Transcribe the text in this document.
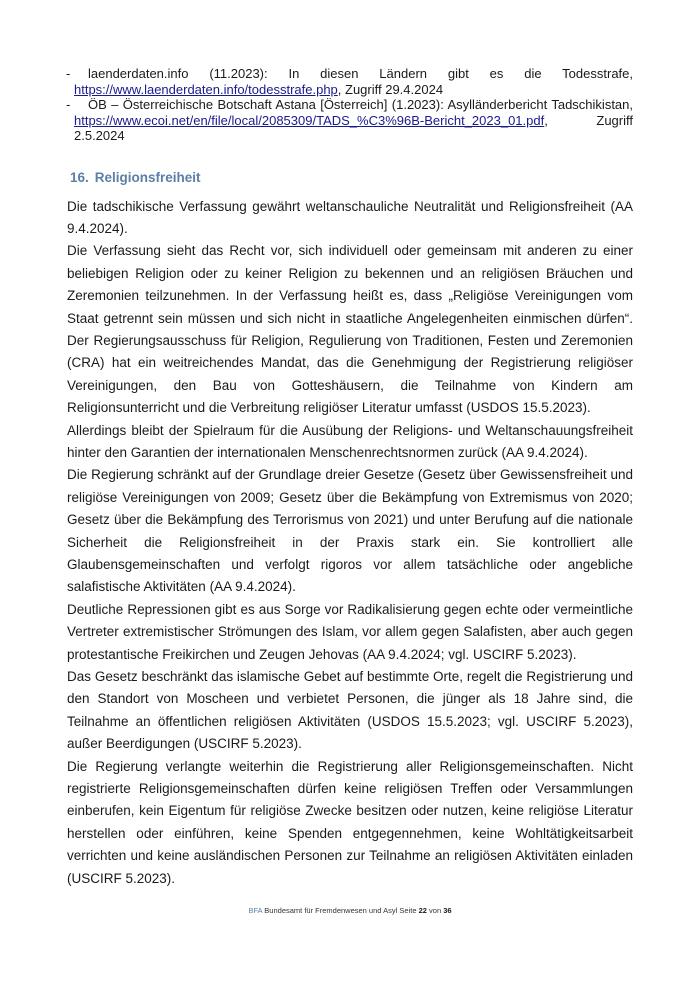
-	laenderdaten.info (11.2023): In diesen Ländern gibt es die Todesstrafe,
https://www.laenderdaten.info/todesstrafe.php, Zugriff 29.4.2024
-	ÖB – Österreichische Botschaft Astana [Österreich] (1.2023): Asylländerbericht Tadschikistan,
https://www.ecoi.net/en/file/local/2085309/TADS_%C3%96B-Bericht_2023_01.pdf, Zugriff
2.5.2024
16. Religionsfreiheit

Die tadschikische Verfassung gewährt weltanschauliche Neutralität und Religionsfreiheit (AA 9.4.2024).

Die Verfassung sieht das Recht vor, sich individuell oder gemeinsam mit anderen zu einer beliebigen Religion oder zu keiner Religion zu bekennen und an religiösen Bräuchen und Zeremonien teilzunehmen. In der Verfassung heißt es, dass „Religiöse Vereinigungen vom Staat getrennt sein müssen und sich nicht in staatliche Angelegenheiten einmischen dürfen“. Der Regierungsausschuss für Religion, Regulierung von Traditionen, Festen und Zeremonien (CRA) hat ein weitreichendes Mandat, das die Genehmigung der Registrierung religiöser Vereinigungen, den Bau von Gotteshäusern, die Teilnahme von Kindern am Religionsunterricht und die Verbreitung religiöser Literatur umfasst (USDOS 15.5.2023).

Allerdings bleibt der Spielraum für die Ausübung der Religions- und Weltanschauungsfreiheit hinter den Garantien der internationalen Menschenrechtsnormen zurück (AA 9.4.2024).

Die Regierung schränkt auf der Grundlage dreier Gesetze (Gesetz über Gewissensfreiheit und religiöse Vereinigungen von 2009; Gesetz über die Bekämpfung von Extremismus von 2020; Gesetz über die Bekämpfung des Terrorismus von 2021) und unter Berufung auf die nationale Sicherheit die Religionsfreiheit in der Praxis stark ein. Sie kontrolliert alle Glaubensgemeinschaften und verfolgt rigoros vor allem tatsächliche oder angebliche salafistische Aktivitäten (AA 9.4.2024).

Deutliche Repressionen gibt es aus Sorge vor Radikalisierung gegen echte oder vermeintliche Vertreter extremistischer Strömungen des Islam, vor allem gegen Salafisten, aber auch gegen protestantische Freikirchen und Zeugen Jehovas (AA 9.4.2024; vgl. USCIRF 5.2023).

Das Gesetz beschränkt das islamische Gebet auf bestimmte Orte, regelt die Registrierung und den Standort von Moscheen und verbietet Personen, die jünger als 18 Jahre sind, die Teilnahme an öffentlichen religiösen Aktivitäten (USDOS 15.5.2023; vgl. USCIRF 5.2023), außer Beerdigungen (USCIRF 5.2023).

Die Regierung verlangte weiterhin die Registrierung aller Religionsgemeinschaften. Nicht registrierte Religionsgemeinschaften dürfen keine religiösen Treffen oder Versammlungen einberufen, kein Eigentum für religiöse Zwecke besitzen oder nutzen, keine religiöse Literatur herstellen oder einführen, keine Spenden entgegennehmen, keine Wohltätigkeitsarbeit verrichten und keine ausländischen Personen zur Teilnahme an religiösen Aktivitäten einladen (USCIRF 5.2023).

BFA Bundesamt für Fremdenwesen und Asyl Seite 22 von 36
